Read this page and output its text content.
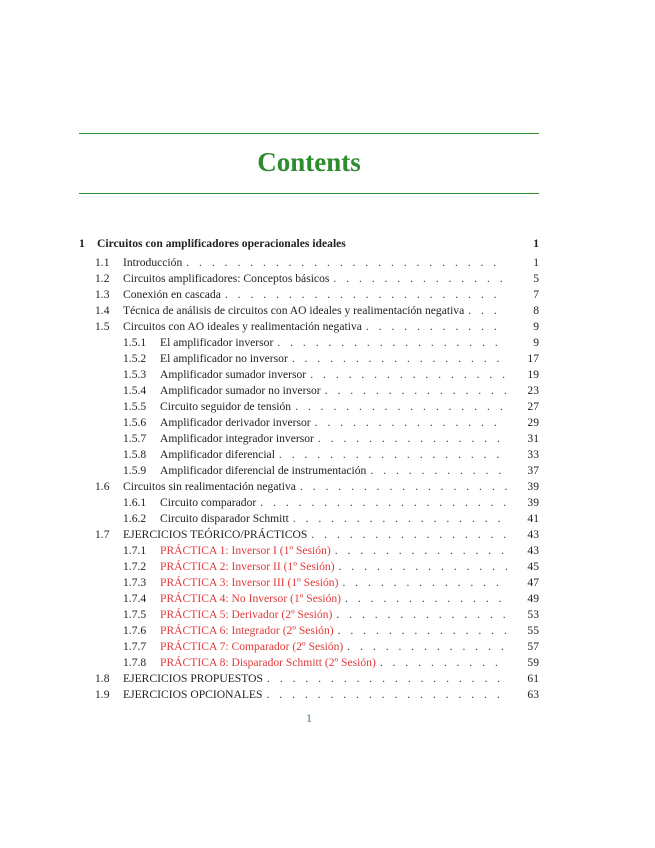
Contents
1 Circuitos con amplificadores operacionales ideales	1
1.1 Introducción . . .	1
1.2 Circuitos amplificadores: Conceptos básicos . . .	5
1.3 Conexión en cascada . . .	7
1.4 Técnica de análisis de circuitos con AO ideales y realimentación negativa . . .	8
1.5 Circuitos con AO ideales y realimentación negativa . . .	9
1.5.1 El amplificador inversor . . .	9
1.5.2 El amplificador no inversor . . .	17
1.5.3 Amplificador sumador inversor . . .	19
1.5.4 Amplificador sumador no inversor . . .	23
1.5.5 Circuito seguidor de tensión . . .	27
1.5.6 Amplificador derivador inversor . . .	29
1.5.7 Amplificador integrador inversor . . .	31
1.5.8 Amplificador diferencial . . .	33
1.5.9 Amplificador diferencial de instrumentación . . .	37
1.6 Circuitos sin realimentación negativa . . .	39
1.6.1 Circuito comparador . . .	39
1.6.2 Circuito disparador Schmitt . . .	41
1.7 EJERCICIOS TEÓRICO/PRÁCTICOS . . .	43
1.7.1 PRÁCTICA 1: Inversor I (1º Sesión) . . .	43
1.7.2 PRÁCTICA 2: Inversor II (1º Sesión) . . .	45
1.7.3 PRÁCTICA 3: Inversor III (1º Sesión) . . .	47
1.7.4 PRÁCTICA 4: No Inversor (1º Sesión) . . .	49
1.7.5 PRÁCTICA 5: Derivador (2º Sesión) . . .	53
1.7.6 PRÁCTICA 6: Integrador (2º Sesión) . . .	55
1.7.7 PRÁCTICA 7: Comparador (2º Sesión) . . .	57
1.7.8 PRÁCTICA 8: Disparador Schmitt (2º Sesión) . . .	59
1.8 EJERCICIOS PROPUESTOS . . .	61
1.9 EJERCICIOS OPCIONALES . . .	63
1
